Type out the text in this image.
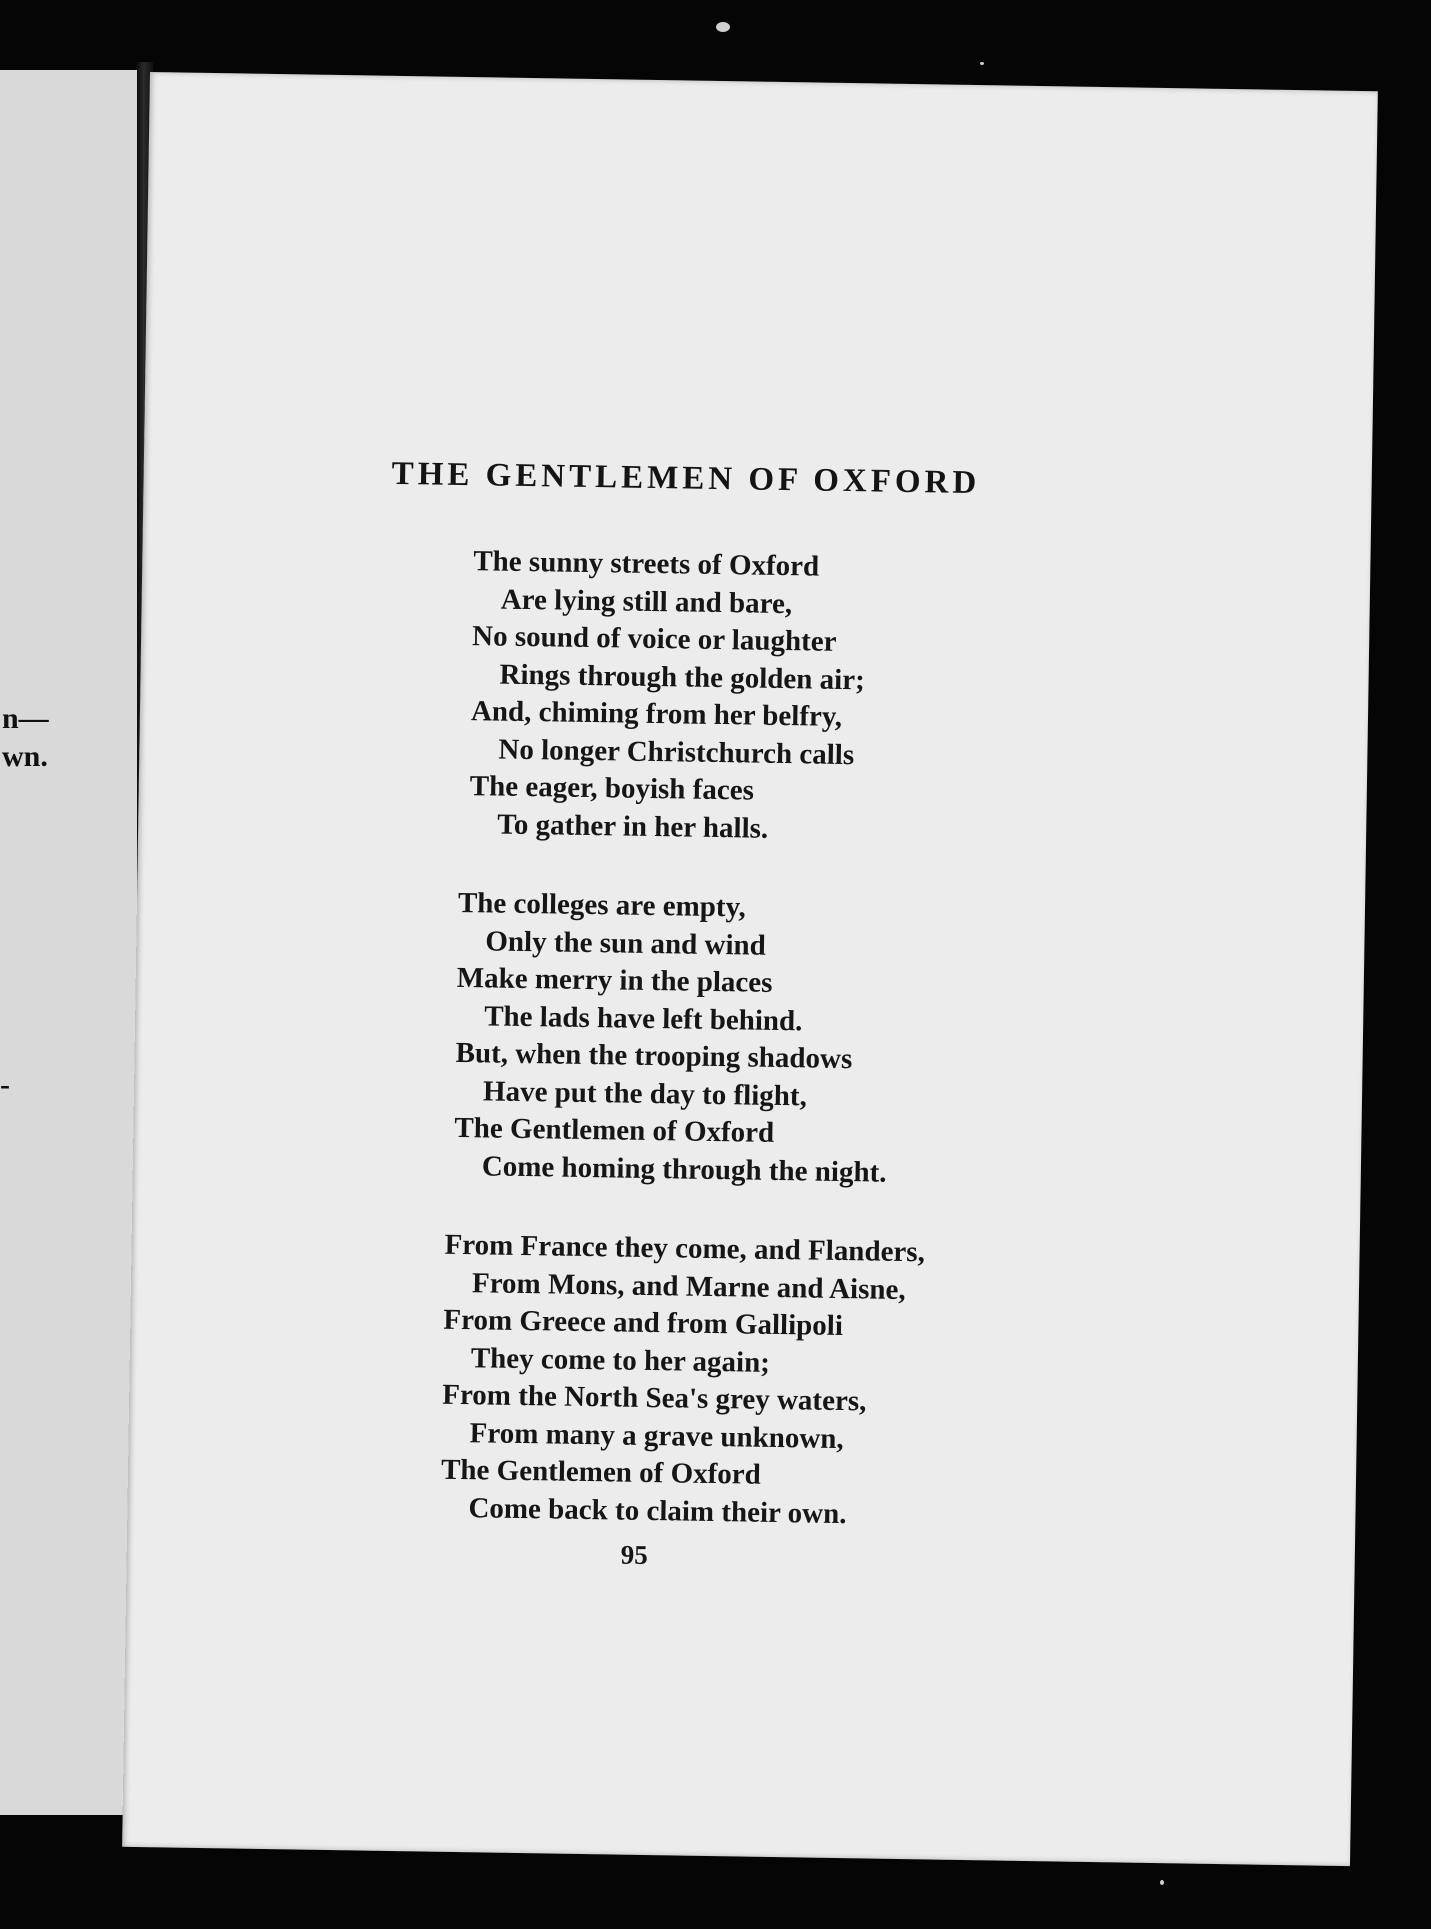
n—
wn.
-
THE GENTLEMEN OF OXFORD
The sunny streets of Oxford
Are lying still and bare,
No sound of voice or laughter
Rings through the golden air;
And, chiming from her belfry,
No longer Christchurch calls
The eager, boyish faces
To gather in her halls.
The colleges are empty,
Only the sun and wind
Make merry in the places
The lads have left behind.
But, when the trooping shadows
Have put the day to flight,
The Gentlemen of Oxford
Come homing through the night.
From France they come, and Flanders,
From Mons, and Marne and Aisne,
From Greece and from Gallipoli
They come to her again;
From the North Sea's grey waters,
From many a grave unknown,
The Gentlemen of Oxford
Come back to claim their own.
95
